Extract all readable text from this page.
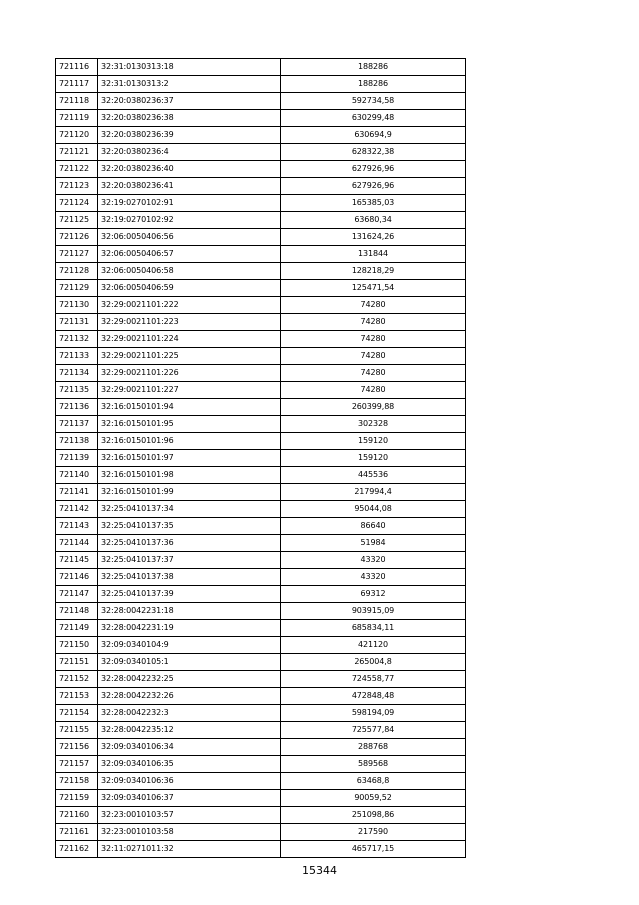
721116	32:31:0130313:18	188286
721117	32:31:0130313:2	188286
721118	32:20:0380236:37	592734,58
721119	32:20:0380236:38	630299,48
721120	32:20:0380236:39	630694,9
721121	32:20:0380236:4	628322,38
721122	32:20:0380236:40	627926,96
721123	32:20:0380236:41	627926,96
721124	32:19:0270102:91	165385,03
721125	32:19:0270102:92	63680,34
721126	32:06:0050406:56	131624,26
721127	32:06:0050406:57	131844
721128	32:06:0050406:58	128218,29
721129	32:06:0050406:59	125471,54
721130	32:29:0021101:222	74280
721131	32:29:0021101:223	74280
721132	32:29:0021101:224	74280
721133	32:29:0021101:225	74280
721134	32:29:0021101:226	74280
721135	32:29:0021101:227	74280
721136	32:16:0150101:94	260399,88
721137	32:16:0150101:95	302328
721138	32:16:0150101:96	159120
721139	32:16:0150101:97	159120
721140	32:16:0150101:98	445536
721141	32:16:0150101:99	217994,4
721142	32:25:0410137:34	95044,08
721143	32:25:0410137:35	86640
721144	32:25:0410137:36	51984
721145	32:25:0410137:37	43320
721146	32:25:0410137:38	43320
721147	32:25:0410137:39	69312
721148	32:28:0042231:18	903915,09
721149	32:28:0042231:19	685834,11
721150	32:09:0340104:9	421120
721151	32:09:0340105:1	265004,8
721152	32:28:0042232:25	724558,77
721153	32:28:0042232:26	472848,48
721154	32:28:0042232:3	598194,09
721155	32:28:0042235:12	725577,84
721156	32:09:0340106:34	288768
721157	32:09:0340106:35	589568
721158	32:09:0340106:36	63468,8
721159	32:09:0340106:37	90059,52
721160	32:23:0010103:57	251098,86
721161	32:23:0010103:58	217590
721162	32:11:0271011:32	465717,15
15344
